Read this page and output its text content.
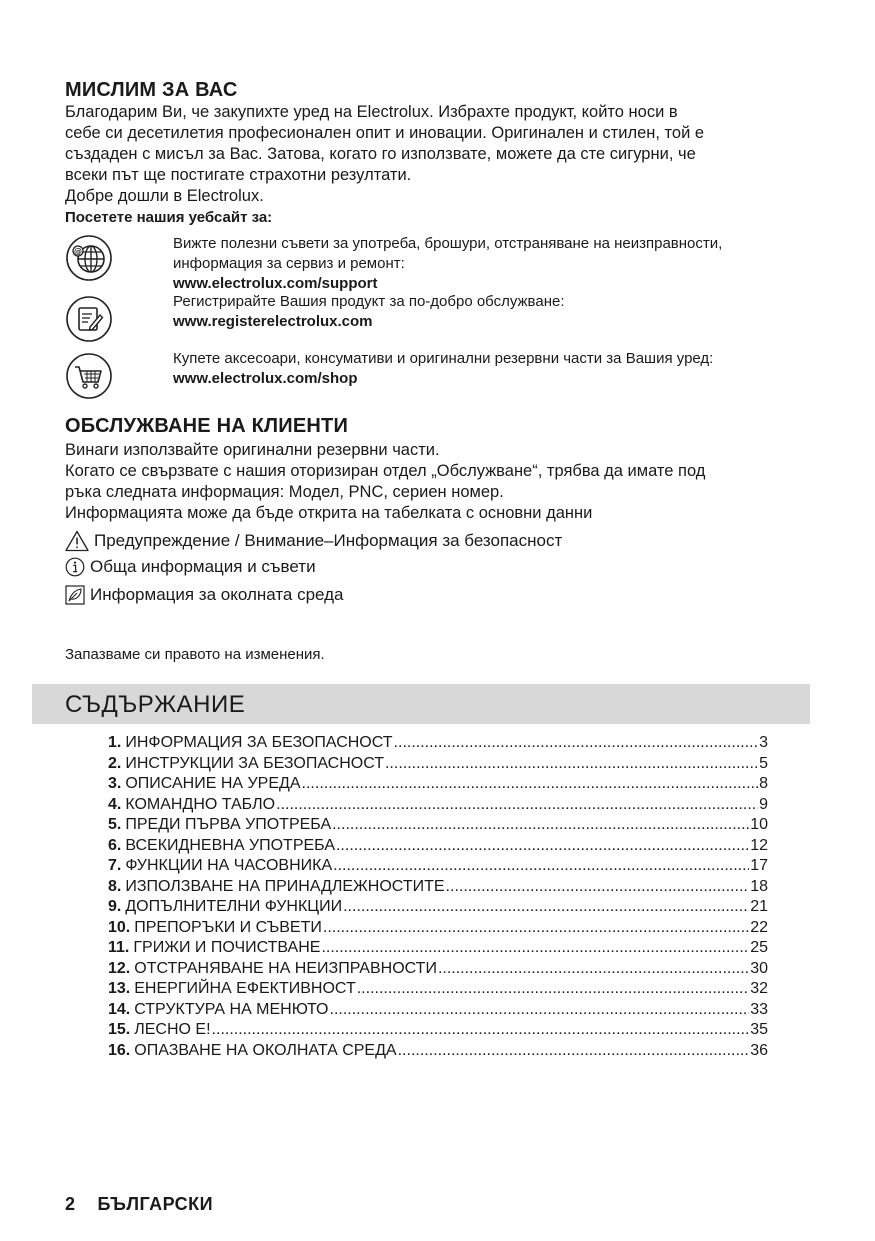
МИСЛИМ ЗА ВАС
Благодарим Ви, че закупихте уред на Electrolux. Избрахте продукт, който носи в
себе си десетилетия професионален опит и иновации. Оригинален и стилен, той е
създаден с мисъл за Вас. Затова, когато го използвате, можете да сте сигурни, че
всеки път ще постигате страхотни резултати.
Добре дошли в Electrolux.
Посетете нашия уебсайт за:
@	Вижте полезни съвети за употреба, брошури, отстраняване на неизправности,
информация за сервиз и ремонт:
www.electrolux.com/support
Регистрирайте Вашия продукт за по-добро обслужване:
www.registerelectrolux.com
Купете аксесоари, консумативи и оригинални резервни части за Вашия уред:
www.electrolux.com/shop
ОБСЛУЖВАНЕ НА КЛИЕНТИ
Винаги използвайте оригинални резервни части.
Когато се свързвате с нашия оторизиран отдел „Обслужване“, трябва да имате под
ръка следната информация: Модел, PNC, сериен номер.
Информацията може да бъде открита на табелката с основни данни
Предупреждение / Внимание–Информация за безопасност
Обща информация и съвети
Информация за околната среда
Запазваме си правото на изменения.
СЪДЪРЖАНИЕ
1. ИНФОРМАЦИЯ ЗА БЕЗОПАСНОСТ .....	3
2. ИНСТРУКЦИИ ЗА БЕЗОПАСНОСТ .....	5
3. ОПИСАНИЕ НА УРЕДА .....	8
4. КОМАНДНО ТАБЛО .....	9
5. ПРЕДИ ПЪРВА УПОТРЕБА .....	10
6. ВСЕКИДНЕВНА УПОТРЕБА .....	12
7. ФУНКЦИИ НА ЧАСОВНИКА .....	17
8. ИЗПОЛЗВАНЕ НА ПРИНАДЛЕЖНОСТИТЕ .....	18
9. ДОПЪЛНИТЕЛНИ ФУНКЦИИ .....	21
10. ПРЕПОРЪКИ И СЪВЕТИ .....	22
11. ГРИЖИ И ПОЧИСТВАНЕ .....	25
12. ОТСТРАНЯВАНЕ НА НЕИЗПРАВНОСТИ .....	30
13. ЕНЕРГИЙНА ЕФЕКТИВНОСТ .....	32
14. СТРУКТУРА НА МЕНЮТО .....	33
15. ЛЕСНО Е! .....	35
16. ОПАЗВАНЕ НА ОКОЛНАТА СРЕДА .....	36
2 БЪЛГАРСКИ
